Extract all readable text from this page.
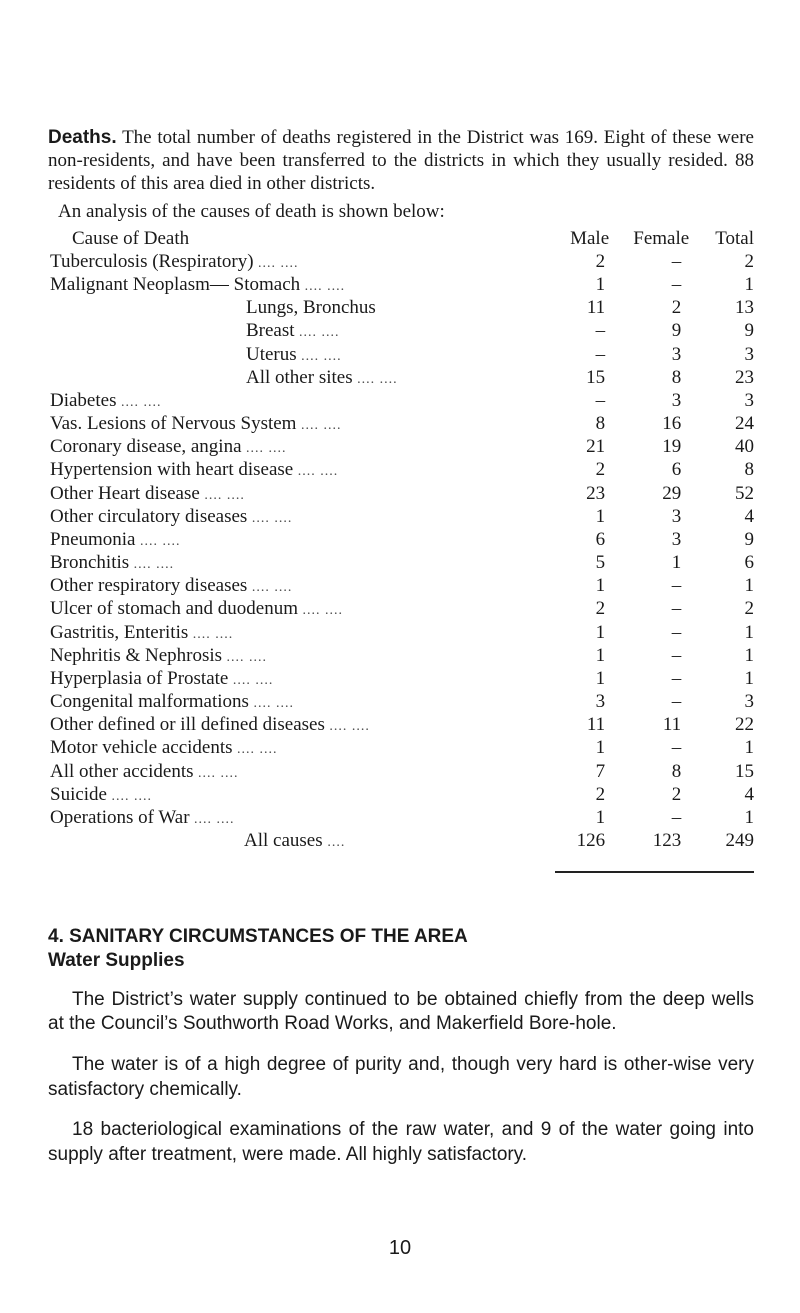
Deaths. The total number of deaths registered in the District was 169. Eight of these were non-residents, and have been transferred to the districts in which they usually resided. 88 residents of this area died in other districts.

An analysis of the causes of death is shown below:

Cause of Death	Male	Female	Total
Tuberculosis (Respiratory) .... ....	2	–	2
Malignant Neoplasm— Stomach .... ....	1	–	1
Lungs, Bronchus	11	2	13
Breast .... ....	–	9	9
Uterus .... ....	–	3	3
All other sites .... ....	15	8	23
Diabetes .... ....	–	3	3
Vas. Lesions of Nervous System .... ....	8	16	24
Coronary disease, angina .... ....	21	19	40
Hypertension with heart disease .... ....	2	6	8
Other Heart disease .... ....	23	29	52
Other circulatory diseases .... ....	1	3	4
Pneumonia .... ....	6	3	9
Bronchitis .... ....	5	1	6
Other respiratory diseases .... ....	1	–	1
Ulcer of stomach and duodenum .... ....	2	–	2
Gastritis, Enteritis .... ....	1	–	1
Nephritis & Nephrosis .... ....	1	–	1
Hyperplasia of Prostate .... ....	1	–	1
Congenital malformations .... ....	3	–	3
Other defined or ill defined diseases .... ....	11	11	22
Motor vehicle accidents .... ....	1	–	1
All other accidents .... ....	7	8	15
Suicide .... ....	2	2	4
Operations of War .... ....	1	–	1
All causes ....	126	123	249

4. SANITARY CIRCUMSTANCES OF THE AREA

Water Supplies

The District’s water supply continued to be obtained chiefly from the deep wells at the Council’s Southworth Road Works, and Makerfield Bore-hole.

The water is of a high degree of purity and, though very hard is other-wise very satisfactory chemically.

18 bacteriological examinations of the raw water, and 9 of the water going into supply after treatment, were made. All highly satisfactory.

10
